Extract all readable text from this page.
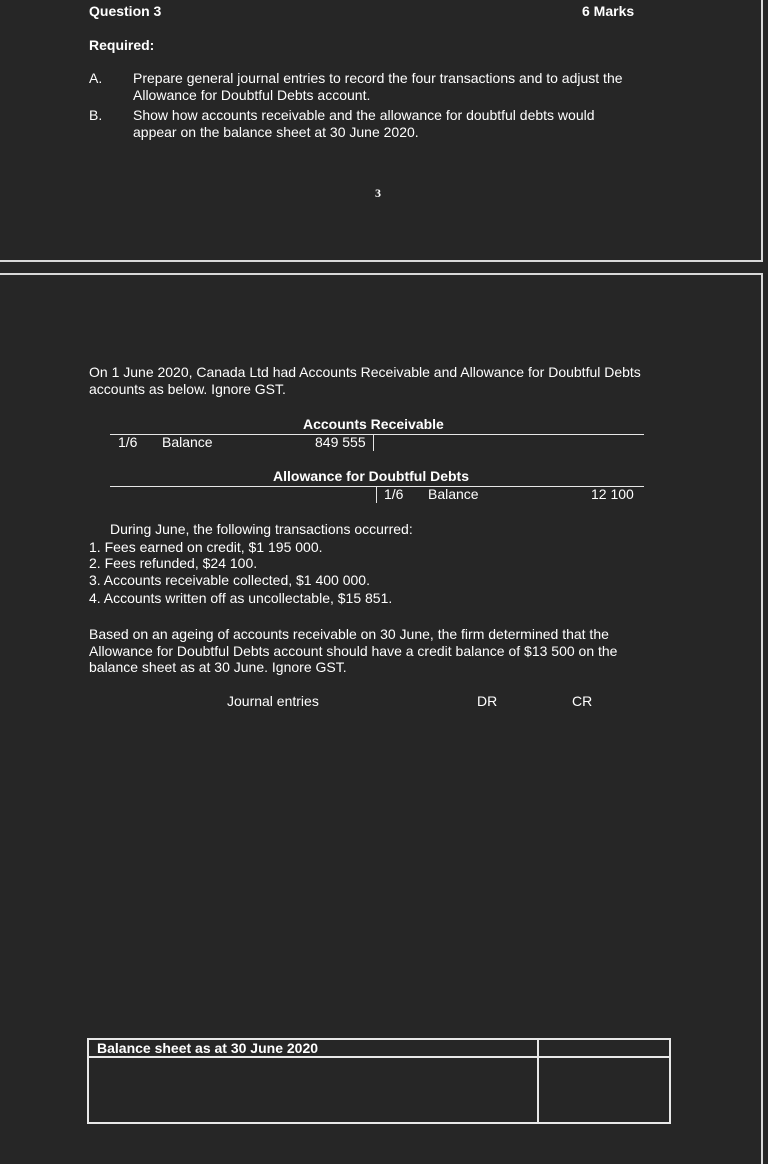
Question 3	6 Marks
Required:
A. Prepare general journal entries to record the four transactions and to adjust the
Allowance for Doubtful Debts account.
B. Show how accounts receivable and the allowance for doubtful debts would
appear on the balance sheet at 30 June 2020.
3
On 1 June 2020, Canada Ltd had Accounts Receivable and Allowance for Doubtful Debts
accounts as below. Ignore GST.
Accounts Receivable
1/6 Balance	849 555
Allowance for Doubtful Debts
1/6 Balance	12 100
During June, the following transactions occurred:
1. Fees earned on credit, $1 195 000.
2. Fees refunded, $24 100.
3. Accounts receivable collected, $1 400 000.
4. Accounts written off as uncollectable, $15 851.
Based on an ageing of accounts receivable on 30 June, the firm determined that the
Allowance for Doubtful Debts account should have a credit balance of $13 500 on the
balance sheet as at 30 June. Ignore GST.
Journal entries	DR	CR
Balance sheet as at 30 June 2020
